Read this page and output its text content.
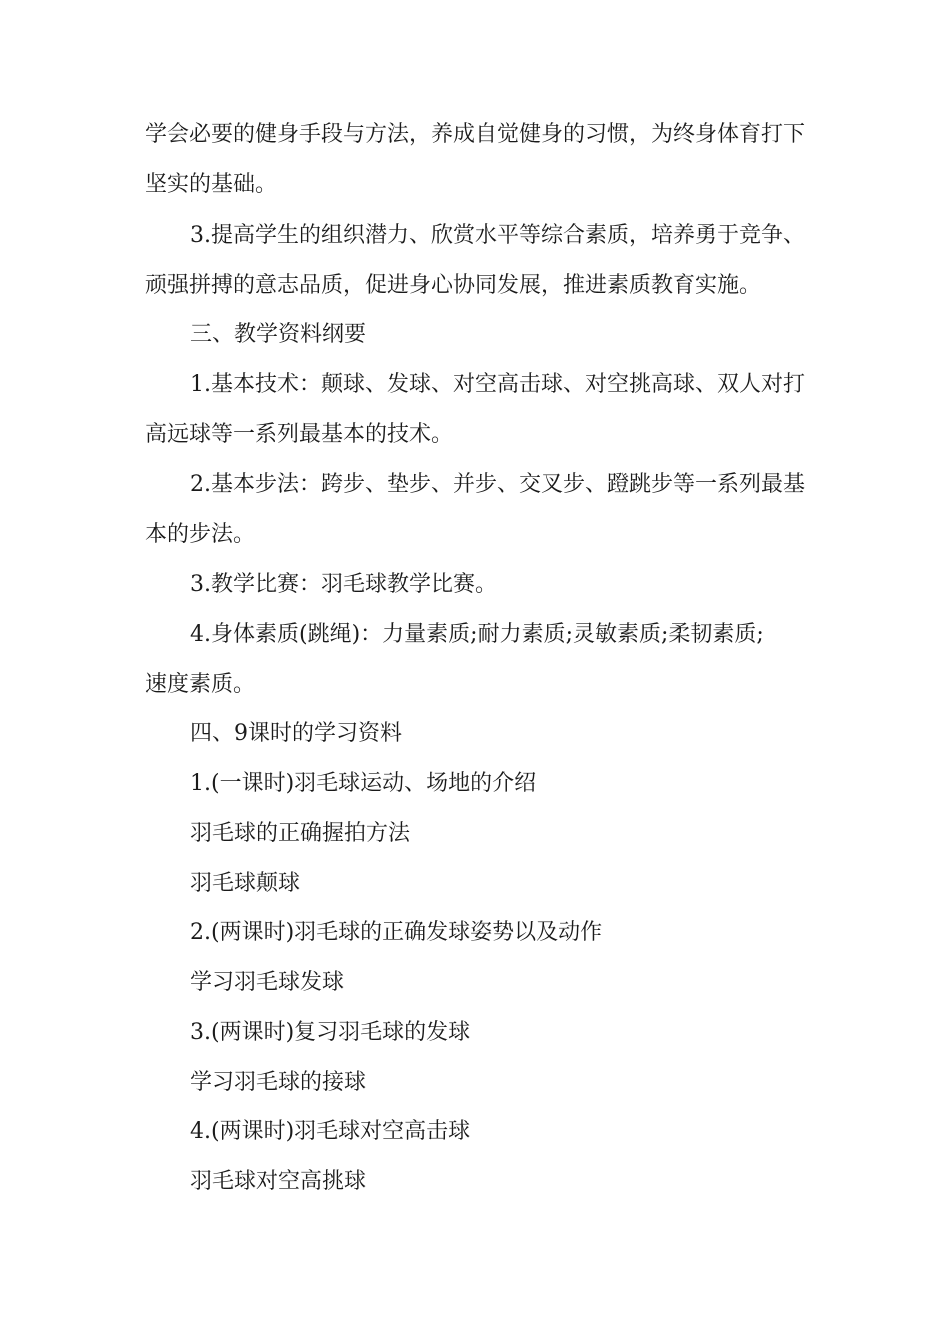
学会必要的健身手段与方法，养成自觉健身的习惯，为终身体育打下
坚实的基础。
3.提高学生的组织潜力、欣赏水平等综合素质，培养勇于竞争、
顽强拼搏的意志品质，促进身心协同发展，推进素质教育实施。
三、教学资料纲要
1.基本技术：颠球、发球、对空高击球、对空挑高球、双人对打
高远球等一系列最基本的技术。
2.基本步法：跨步、垫步、并步、交叉步、蹬跳步等一系列最基
本的步法。
3.教学比赛：羽毛球教学比赛。
4.身体素质(跳绳)：力量素质;耐力素质;灵敏素质;柔韧素质;
速度素质。
四、9课时的学习资料
1.(一课时)羽毛球运动、场地的介绍
羽毛球的正确握拍方法
羽毛球颠球
2.(两课时)羽毛球的正确发球姿势以及动作
学习羽毛球发球
3.(两课时)复习羽毛球的发球
学习羽毛球的接球
4.(两课时)羽毛球对空高击球
羽毛球对空高挑球
